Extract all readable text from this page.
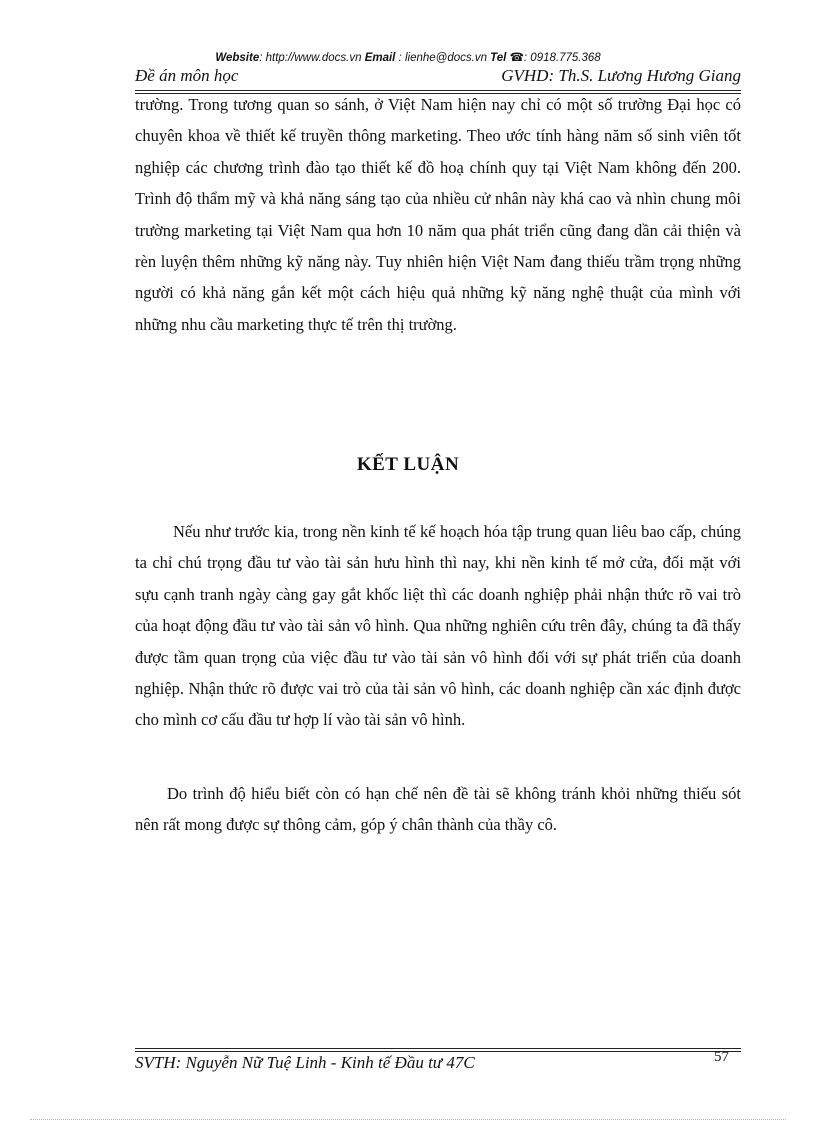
Website: http://www.docs.vn Email : lienhe@docs.vn Tel ☎: 0918.775.368
Đề án môn học	GVHD: Th.S. Lương Hương Giang

trường. Trong tương quan so sánh, ở Việt Nam hiện nay chỉ có một số trường Đại học có chuyên khoa về thiết kế truyền thông marketing. Theo ước tính hàng năm số sinh viên tốt nghiệp các chương trình đào tạo thiết kế đồ hoạ chính quy tại Việt Nam không đến 200. Trình độ thẩm mỹ và khả năng sáng tạo của nhiều cử nhân này khá cao và nhìn chung môi trường marketing tại Việt Nam qua hơn 10 năm qua phát triển cũng đang dần cải thiện và rèn luyện thêm những kỹ năng này. Tuy nhiên hiện Việt Nam đang thiếu trầm trọng những người có khả năng gắn kết một cách hiệu quả những kỹ năng nghệ thuật của mình với những nhu cầu marketing thực tế trên thị trường.

KẾT LUẬN

Nếu như trước kia, trong nền kinh tế kế hoạch hóa tập trung quan liêu bao cấp, chúng ta chỉ chú trọng đầu tư vào tài sản hưu hình thì nay, khi nền kinh tế mở cửa, đối mặt với sựu cạnh tranh ngày càng gay gắt khốc liệt thì các doanh nghiệp phải nhận thức rõ vai trò của hoạt động đầu tư vào tài sản vô hình. Qua những nghiên cứu trên đây, chúng ta đã thấy được tầm quan trọng của việc đầu tư vào tài sản vô hình đối với sự phát triển của doanh nghiệp. Nhận thức rõ được vai trò của tài sản vô hình, các doanh nghiệp cần xác định được cho mình cơ cấu đầu tư hợp lí vào tài sản vô hình.

Do trình độ hiểu biết còn có hạn chế nên đề tài sẽ không tránh khỏi những thiếu sót nên rất mong được sự thông cảm, góp ý chân thành của thầy cô.

SVTH: Nguyễn Nữ Tuệ Linh - Kinh tế Đầu tư 47C	57
